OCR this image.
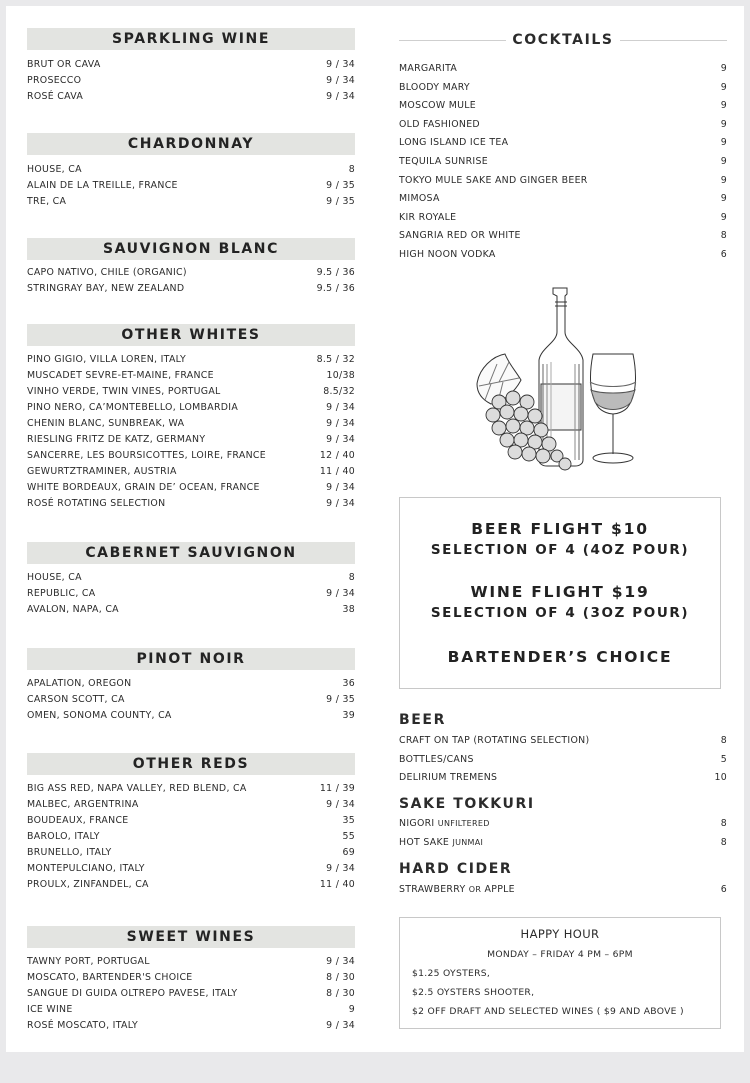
SPARKLING WINE
BRUT OR CAVA	9 / 34
PROSECCO	9 / 34
ROSÉ CAVA	9 / 34
CHARDONNAY
HOUSE, CA	8
ALAIN DE LA TREILLE, FRANCE	9 / 35
TRE, CA	9 / 35
SAUVIGNON BLANC
CAPO NATIVO, CHILE (ORGANIC)	9.5 / 36
STRINGRAY BAY, NEW ZEALAND	9.5 / 36
OTHER WHITES
PINO GIGIO, VILLA LOREN, ITALY	8.5 / 32
MUSCADET SEVRE-ET-MAINE, FRANCE	10/38
VINHO VERDE, TWIN VINES, PORTUGAL	8.5/32
PINO NERO, CA’MONTEBELLO, LOMBARDIA	9 / 34
CHENIN BLANC, SUNBREAK, WA	9 / 34
RIESLING FRITZ DE KATZ, GERMANY	9 / 34
SANCERRE, LES BOURSICOTTES, LOIRE, FRANCE	12 / 40
GEWURTZTRAMINER, AUSTRIA	11 / 40
WHITE BORDEAUX, GRAIN DE’ OCEAN, FRANCE	9 / 34
ROSÉ ROTATING SELECTION	9 / 34
CABERNET SAUVIGNON
HOUSE, CA	8
REPUBLIC, CA	9 / 34
AVALON, NAPA, CA	38
PINOT NOIR
APALATION, OREGON	36
CARSON SCOTT, CA	9 / 35
OMEN, SONOMA COUNTY, CA	39
OTHER REDS
BIG ASS RED, NAPA VALLEY, RED BLEND, CA	11 / 39
MALBEC, ARGENTRINA	9 / 34
BOUDEAUX, FRANCE	35
BAROLO, ITALY	55
BRUNELLO, ITALY	69
MONTEPULCIANO, ITALY	9 / 34
PROULX, ZINFANDEL, CA	11 / 40
SWEET WINES
TAWNY PORT, PORTUGAL	9 / 34
MOSCATO, BARTENDER'S CHOICE	8 / 30
SANGUE DI GUIDA OLTREPO PAVESE, ITALY	8 / 30
ICE WINE	9
ROSÉ MOSCATO, ITALY	9 / 34
COCKTAILS
MARGARITA	9
BLOODY MARY	9
MOSCOW MULE	9
OLD FASHIONED	9
LONG ISLAND ICE TEA	9
TEQUILA SUNRISE	9
TOKYO MULE SAKE AND GINGER BEER	9
MIMOSA	9
KIR ROYALE	9
SANGRIA RED OR WHITE	8
HIGH NOON VODKA	6
BEER FLIGHT $10
SELECTION OF 4 (4OZ POUR)
WINE FLIGHT $19
SELECTION OF 4 (3OZ POUR)
BARTENDER’S CHOICE
BEER
CRAFT ON TAP (ROTATING SELECTION)	8
BOTTLES/CANS	5
DELIRIUM TREMENS	10
SAKE TOKKURI
NIGORI UNFILTERED	8
HOT SAKE JUNMAI	8
HARD CIDER
STRAWBERRY OR APPLE	6
HAPPY HOUR
MONDAY – FRIDAY 4 PM – 6PM
$1.25 OYSTERS,
$2.5 OYSTERS SHOOTER,
$2 OFF DRAFT AND SELECTED WINES ( $9 AND ABOVE )
